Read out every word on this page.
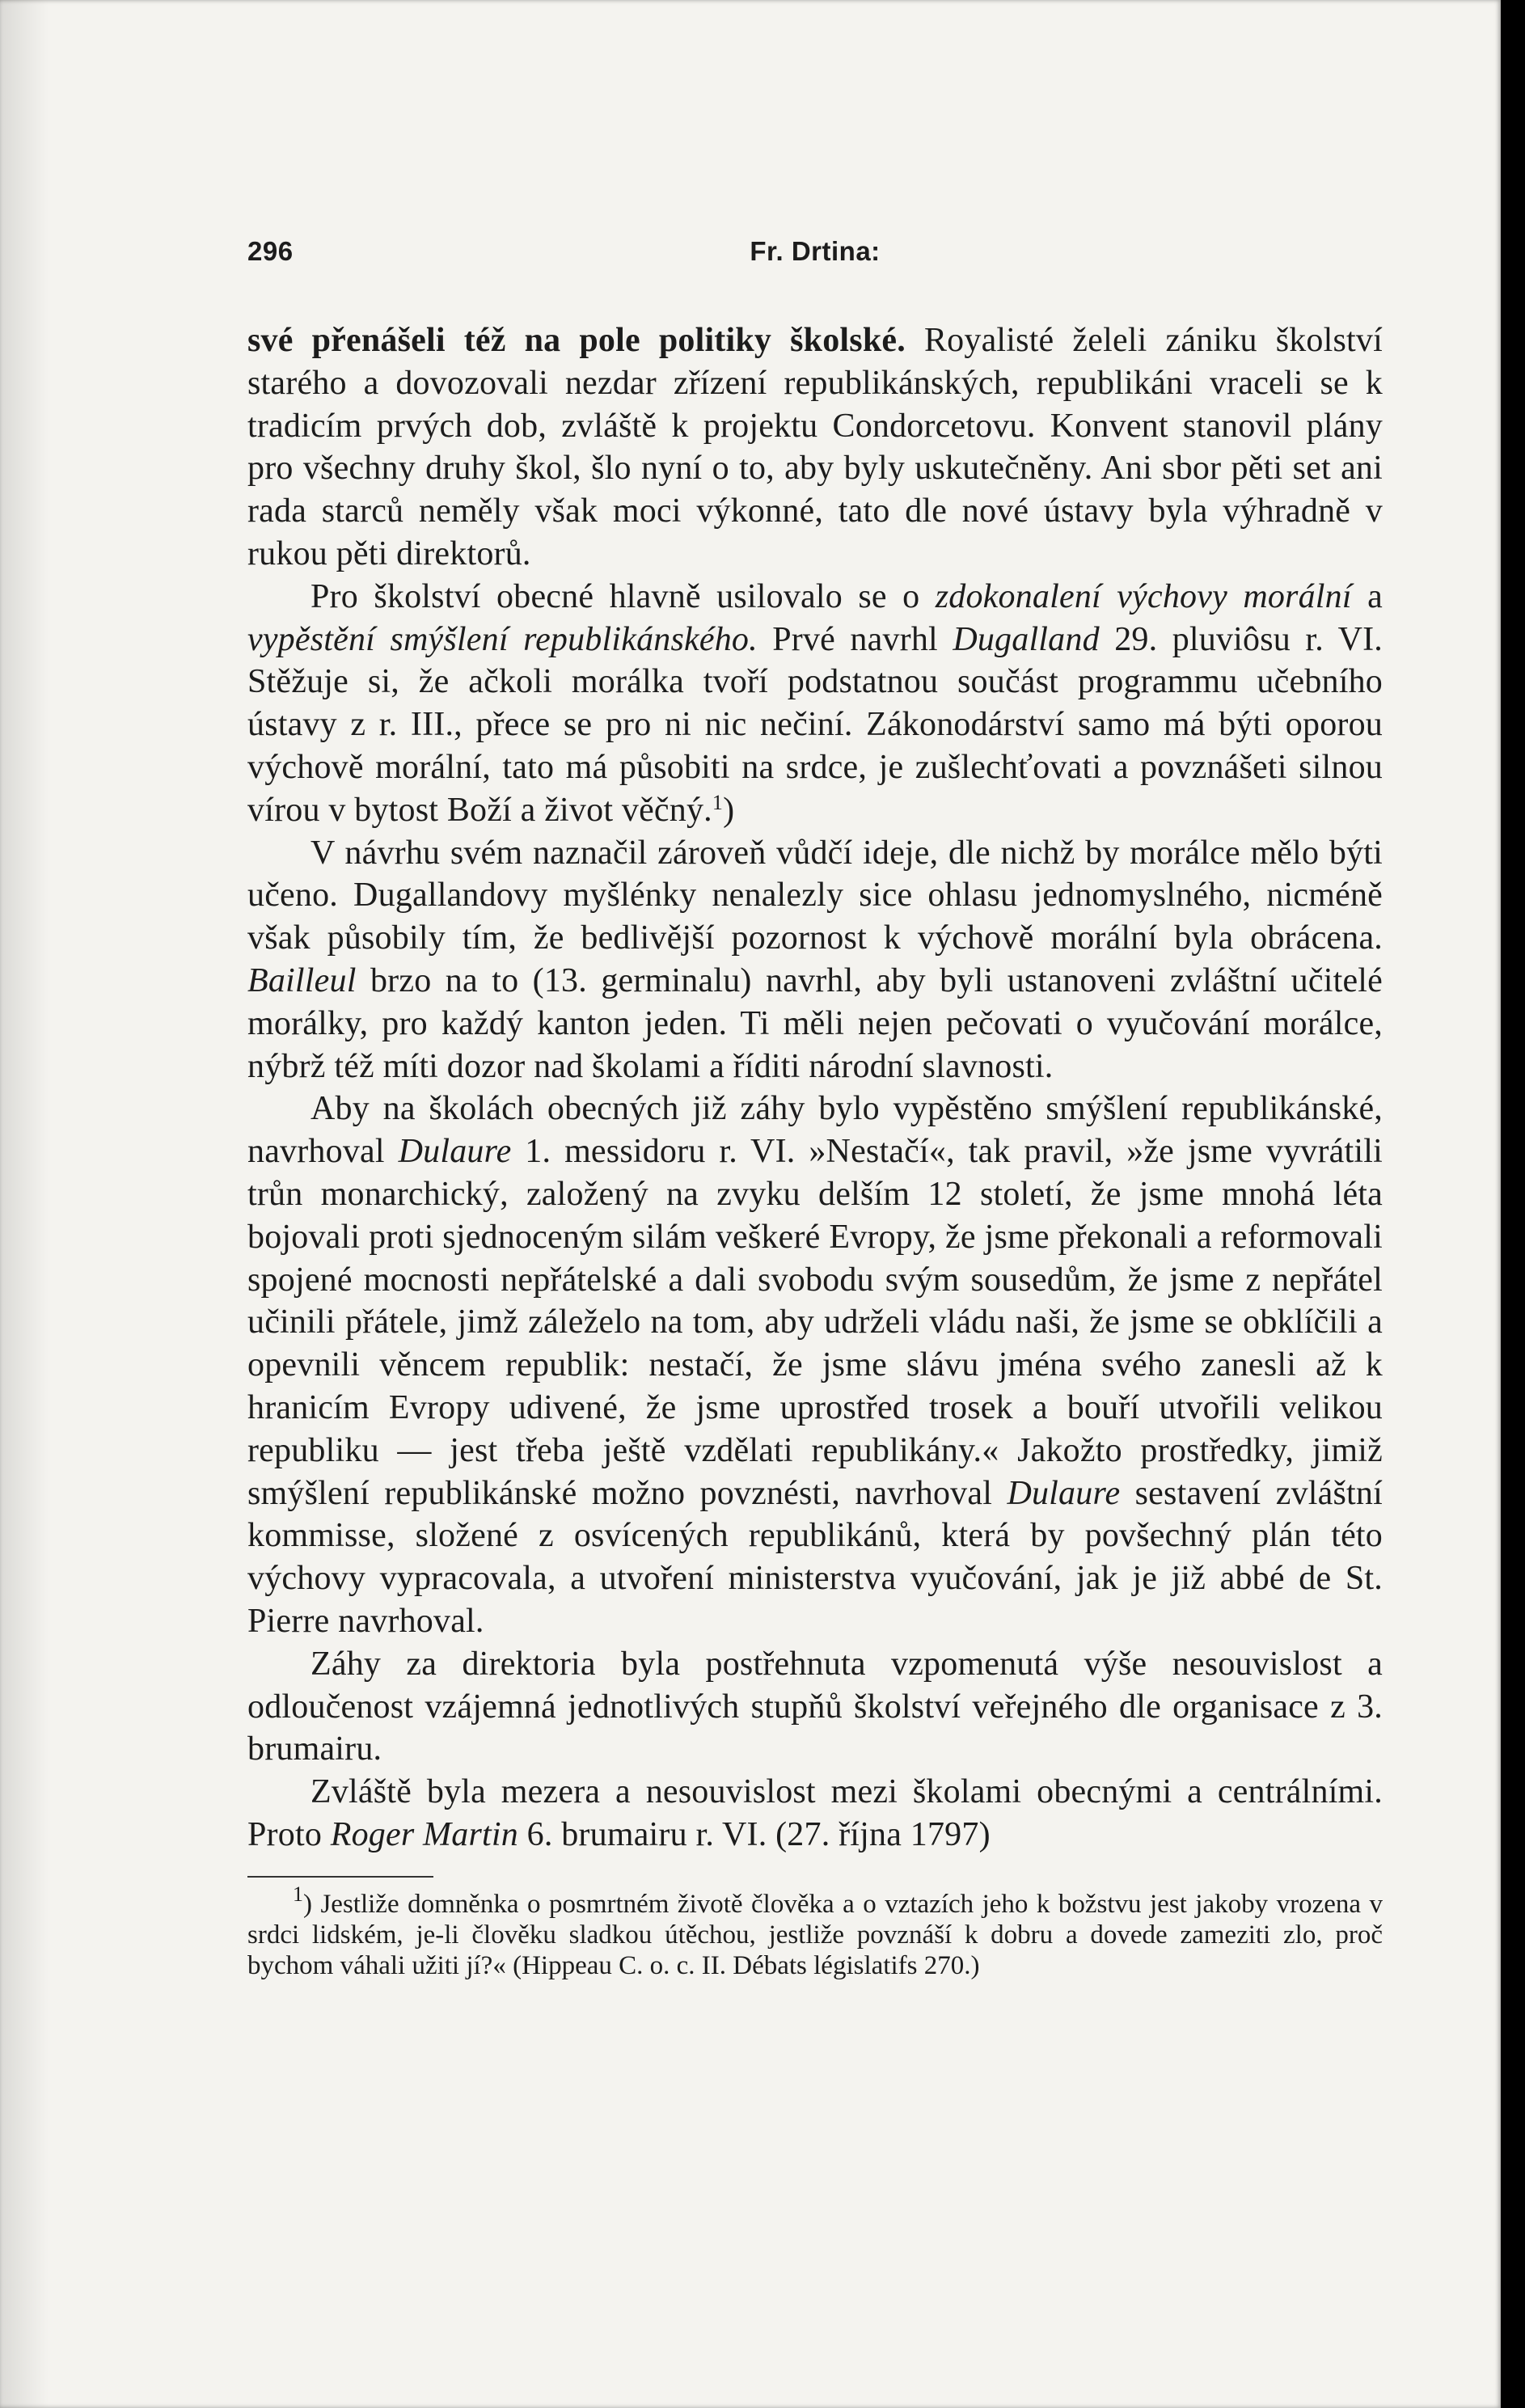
296	Fr. Drtina:

své přenášeli též na pole politiky školské. Royalisté želeli zániku školství starého a dovozovali nezdar zřízení republikánských, republikáni vraceli se k tradicím prvých dob, zvláště k projektu Condorcetovu. Konvent stanovil plány pro všechny druhy škol, šlo nyní o to, aby byly uskutečněny. Ani sbor pěti set ani rada starců neměly však moci výkonné, tato dle nové ústavy byla výhradně v rukou pěti direktorů.

Pro školství obecné hlavně usilovalo se o zdokonalení výchovy morální a vypěstění smýšlení republikánského. Prvé navrhl Dugalland 29. pluviôsu r. VI. Stěžuje si, že ačkoli morálka tvoří podstatnou součást programmu učebního ústavy z r. III., přece se pro ni nic nečiní. Zákonodárství samo má býti oporou výchově morální, tato má působiti na srdce, je zušlechťovati a povznášeti silnou vírou v bytost Boží a život věčný.$^1$)

V návrhu svém naznačil zároveň vůdčí ideje, dle nichž by morálce mělo býti učeno. Dugallandovy myšlénky nenalezly sice ohlasu jednomyslného, nicméně však působily tím, že bedlivější pozornost k výchově morální byla obrácena. Bailleul brzo na to (13. germinalu) navrhl, aby byli ustanoveni zvláštní učitelé morálky, pro každý kanton jeden. Ti měli nejen pečovati o vyučování morálce, nýbrž též míti dozor nad školami a říditi národní slavnosti.

Aby na školách obecných již záhy bylo vypěstěno smýšlení republikánské, navrhoval Dulaure 1. messidoru r. VI. »Nestačí«, tak pravil, »že jsme vyvrátili trůn monarchický, založený na zvyku delším 12 století, že jsme mnohá léta bojovali proti sjednoceným silám veškeré Evropy, že jsme překonali a reformovali spojené mocnosti nepřátelské a dali svobodu svým sousedům, že jsme z nepřátel učinili přátele, jimž záleželo na tom, aby udrželi vládu naši, že jsme se obklíčili a opevnili věncem republik: nestačí, že jsme slávu jména svého zanesli až k hranicím Evropy udivené, že jsme uprostřed trosek a bouří utvořili velikou republiku — jest třeba ještě vzdělati republikány.« Jakožto prostředky, jimiž smýšlení republikánské možno povznésti, navrhoval Dulaure sestavení zvláštní kommisse, složené z osvícených republikánů, která by povšechný plán této výchovy vypracovala, a utvoření ministerstva vyučování, jak je již abbé de St. Pierre navrhoval.

Záhy za direktoria byla postřehnuta vzpomenutá výše nesouvislost a odloučenost vzájemná jednotlivých stupňů školství veřejného dle organisace z 3. brumairu.

Zvláště byla mezera a nesouvislost mezi školami obecnými a centrálními. Proto Roger Martin 6. brumairu r. VI. (27. října 1797)

$^1$) Jestliže domněnka o posmrtném životě člověka a o vztazích jeho k božstvu jest jakoby vrozena v srdci lidském, je-li člověku sladkou útěchou, jestliže povznáší k dobru a dovede zameziti zlo, proč bychom váhali užiti jí?« (Hippeau C. o. c. II. Débats législatifs 270.)
